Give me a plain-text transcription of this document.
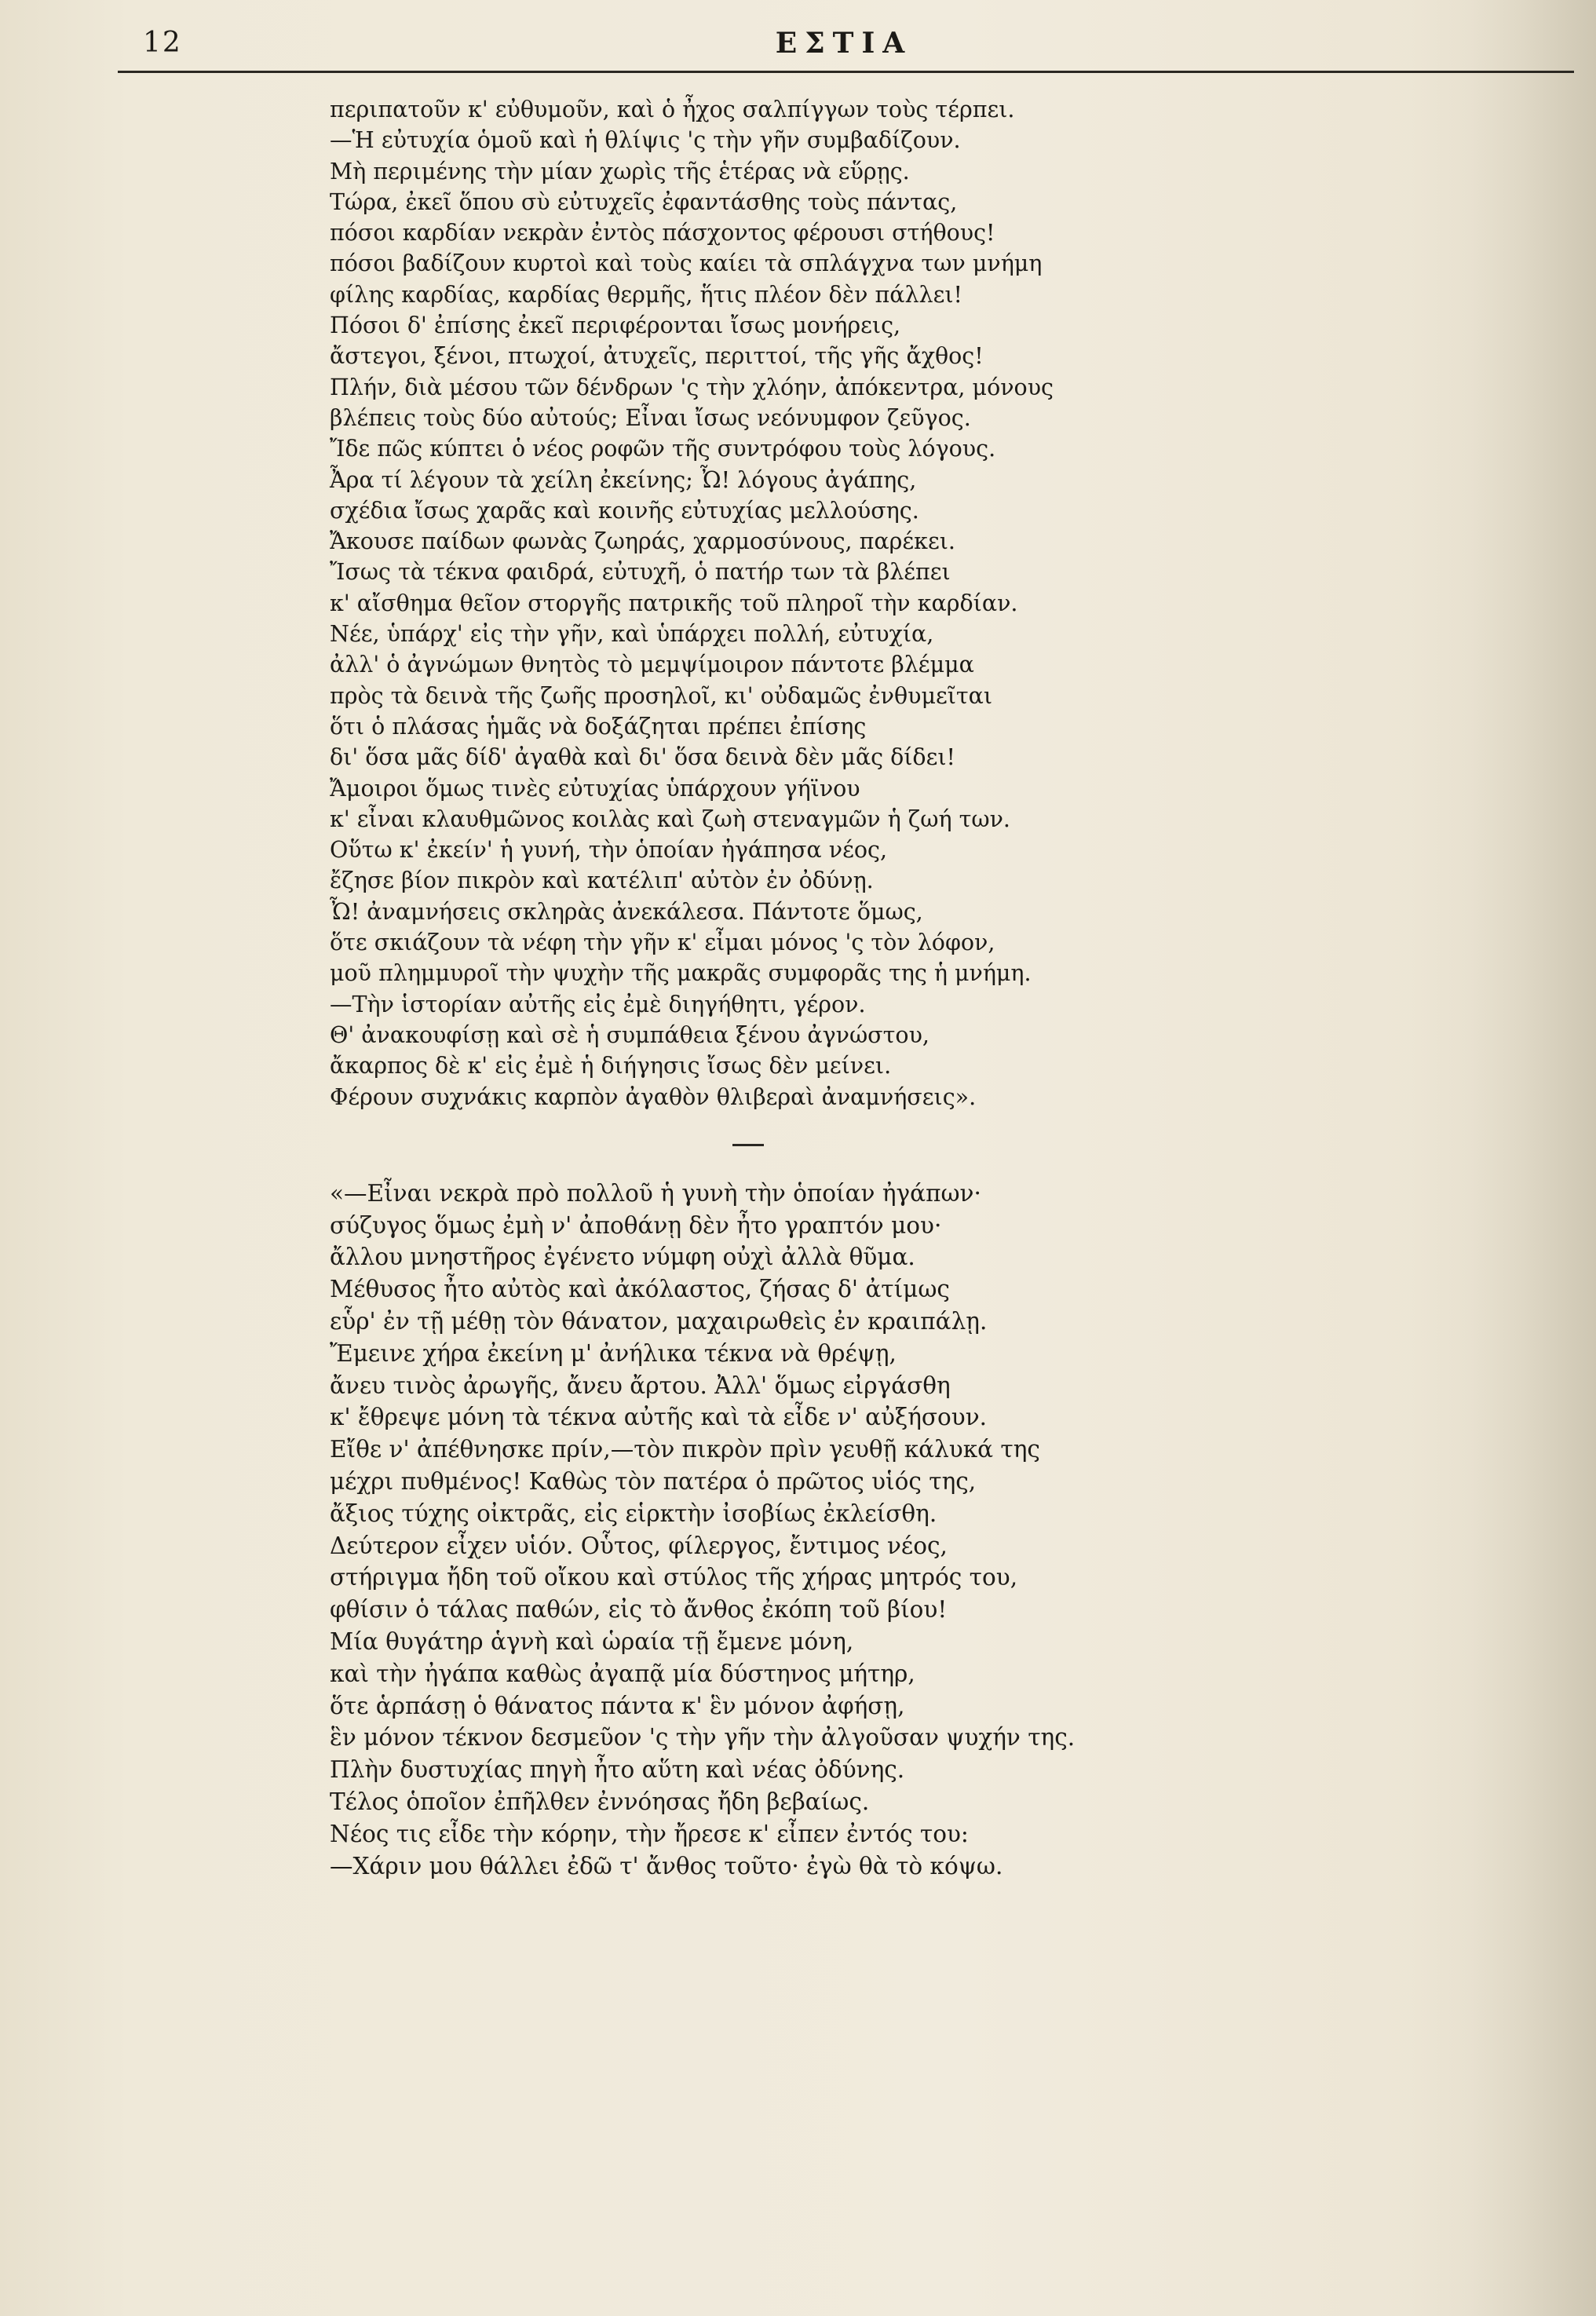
12	ΕΣΤΙΑ
περιπατοῦν κ' εὐθυμοῦν, καὶ ὁ ἦχος σαλπίγγων τοὺς τέρπει.
—Ἡ εὐτυχία ὁμοῦ καὶ ἡ θλίψις 'ς τὴν γῆν συμβαδίζουν.
Μὴ περιμένης τὴν μίαν χωρὶς τῆς ἑτέρας νὰ εὕρῃς.
Τώρα, ἐκεῖ ὅπου σὺ εὐτυχεῖς ἐφαντάσθης τοὺς πάντας,
πόσοι καρδίαν νεκρὰν ἐντὸς πάσχοντος φέρουσι στήθους!
πόσοι βαδίζουν κυρτοὶ καὶ τοὺς καίει τὰ σπλάγχνα των μνήμη
φίλης καρδίας, καρδίας θερμῆς, ἥτις πλέον δὲν πάλλει!
Πόσοι δ' ἐπίσης ἐκεῖ περιφέρονται ἴσως μονήρεις,
ἄστεγοι, ξένοι, πτωχοί, ἀτυχεῖς, περιττοί, τῆς γῆς ἄχθος!
Πλήν, διὰ μέσου τῶν δένδρων 'ς τὴν χλόην, ἀπόκεντρα, μόνους
βλέπεις τοὺς δύο αὐτούς; Εἶναι ἴσως νεόνυμφον ζεῦγος.
Ἴδε πῶς κύπτει ὁ νέος ροφῶν τῆς συντρόφου τοὺς λόγους.
Ἆρα τί λέγουν τὰ χείλη ἐκείνης; Ὦ! λόγους ἀγάπης,
σχέδια ἴσως χαρᾶς καὶ κοινῆς εὐτυχίας μελλούσης.
Ἄκουσε παίδων φωνὰς ζωηράς, χαρμοσύνους, παρέκει.
Ἴσως τὰ τέκνα φαιδρά, εὐτυχῆ, ὁ πατήρ των τὰ βλέπει
κ' αἴσθημα θεῖον στοργῆς πατρικῆς τοῦ πληροῖ τὴν καρδίαν.
Νέε, ὑπάρχ' εἰς τὴν γῆν, καὶ ὑπάρχει πολλή, εὐτυχία,
ἀλλ' ὁ ἀγνώμων θνητὸς τὸ μεμψίμοιρον πάντοτε βλέμμα
πρὸς τὰ δεινὰ τῆς ζωῆς προσηλοῖ, κι' οὐδαμῶς ἐνθυμεῖται
ὅτι ὁ πλάσας ἡμᾶς νὰ δοξάζηται πρέπει ἐπίσης
δι' ὅσα μᾶς δίδ' ἀγαθὰ καὶ δι' ὅσα δεινὰ δὲν μᾶς δίδει!
Ἄμοιροι ὅμως τινὲς εὐτυχίας ὑπάρχουν γήϊνου
κ' εἶναι κλαυθμῶνος κοιλὰς καὶ ζωὴ στεναγμῶν ἡ ζωή των.
Οὕτω κ' ἐκείν' ἡ γυνή, τὴν ὁποίαν ἠγάπησα νέος,
ἔζησε βίον πικρὸν καὶ κατέλιπ' αὐτὸν ἐν ὀδύνῃ.
Ὦ! ἀναμνήσεις σκληρὰς ἀνεκάλεσα. Πάντοτε ὅμως,
ὅτε σκιάζουν τὰ νέφη τὴν γῆν κ' εἶμαι μόνος 'ς τὸν λόφον,
μοῦ πλημμυροῖ τὴν ψυχὴν τῆς μακρᾶς συμφορᾶς της ἡ μνήμη.
—Τὴν ἱστορίαν αὐτῆς εἰς ἐμὲ διηγήθητι, γέρον.
Θ' ἀνακουφίσῃ καὶ σὲ ἡ συμπάθεια ξένου ἀγνώστου,
ἄκαρπος δὲ κ' εἰς ἐμὲ ἡ διήγησις ἴσως δὲν μείνει.
Φέρουν συχνάκις καρπὸν ἀγαθὸν θλιβεραὶ ἀναμνήσεις».
«—Εἶναι νεκρὰ πρὸ πολλοῦ ἡ γυνὴ τὴν ὁποίαν ἠγάπων·
σύζυγος ὅμως ἐμὴ ν' ἀποθάνῃ δὲν ἦτο γραπτόν μου·
ἄλλου μνηστῆρος ἐγένετο νύμφη οὐχὶ ἀλλὰ θῦμα.
Μέθυσος ἦτο αὐτὸς καὶ ἀκόλαστος, ζήσας δ' ἀτίμως
εὗρ' ἐν τῇ μέθῃ τὸν θάνατον, μαχαιρωθεὶς ἐν κραιπάλῃ.
Ἔμεινε χήρα ἐκείνη μ' ἀνήλικα τέκνα νὰ θρέψῃ,
ἄνευ τινὸς ἀρωγῆς, ἄνευ ἄρτου. Ἀλλ' ὅμως εἰργάσθη
κ' ἔθρεψε μόνη τὰ τέκνα αὐτῆς καὶ τὰ εἶδε ν' αὐξήσουν.
Εἴθε ν' ἀπέθνησκε πρίν,—τὸν πικρὸν πρὶν γευθῇ κάλυκά της
μέχρι πυθμένος! Καθὼς τὸν πατέρα ὁ πρῶτος υἱός της,
ἄξιος τύχης οἰκτρᾶς, εἰς εἱρκτὴν ἰσοβίως ἐκλείσθη.
Δεύτερον εἶχεν υἱόν. Οὗτος, φίλεργος, ἔντιμος νέος,
στήριγμα ἤδη τοῦ οἴκου καὶ στύλος τῆς χήρας μητρός του,
φθίσιν ὁ τάλας παθών, εἰς τὸ ἄνθος ἐκόπη τοῦ βίου!
Μία θυγάτηρ ἁγνὴ καὶ ὡραία τῇ ἔμενε μόνη,
καὶ τὴν ἠγάπα καθὼς ἀγαπᾷ μία δύστηνος μήτηρ,
ὅτε ἁρπάσῃ ὁ θάνατος πάντα κ' ἓν μόνον ἀφήσῃ,
ἓν μόνον τέκνον δεσμεῦον 'ς τὴν γῆν τὴν ἀλγοῦσαν ψυχήν της.
Πλὴν δυστυχίας πηγὴ ἦτο αὕτη καὶ νέας ὀδύνης.
Τέλος ὁποῖον ἐπῆλθεν ἐννόησας ἤδη βεβαίως.
Νέος τις εἶδε τὴν κόρην, τὴν ἤρεσε κ' εἶπεν ἐντός του:
—Χάριν μου θάλλει ἐδῶ τ' ἄνθος τοῦτο· ἐγὼ θὰ τὸ κόψω.
